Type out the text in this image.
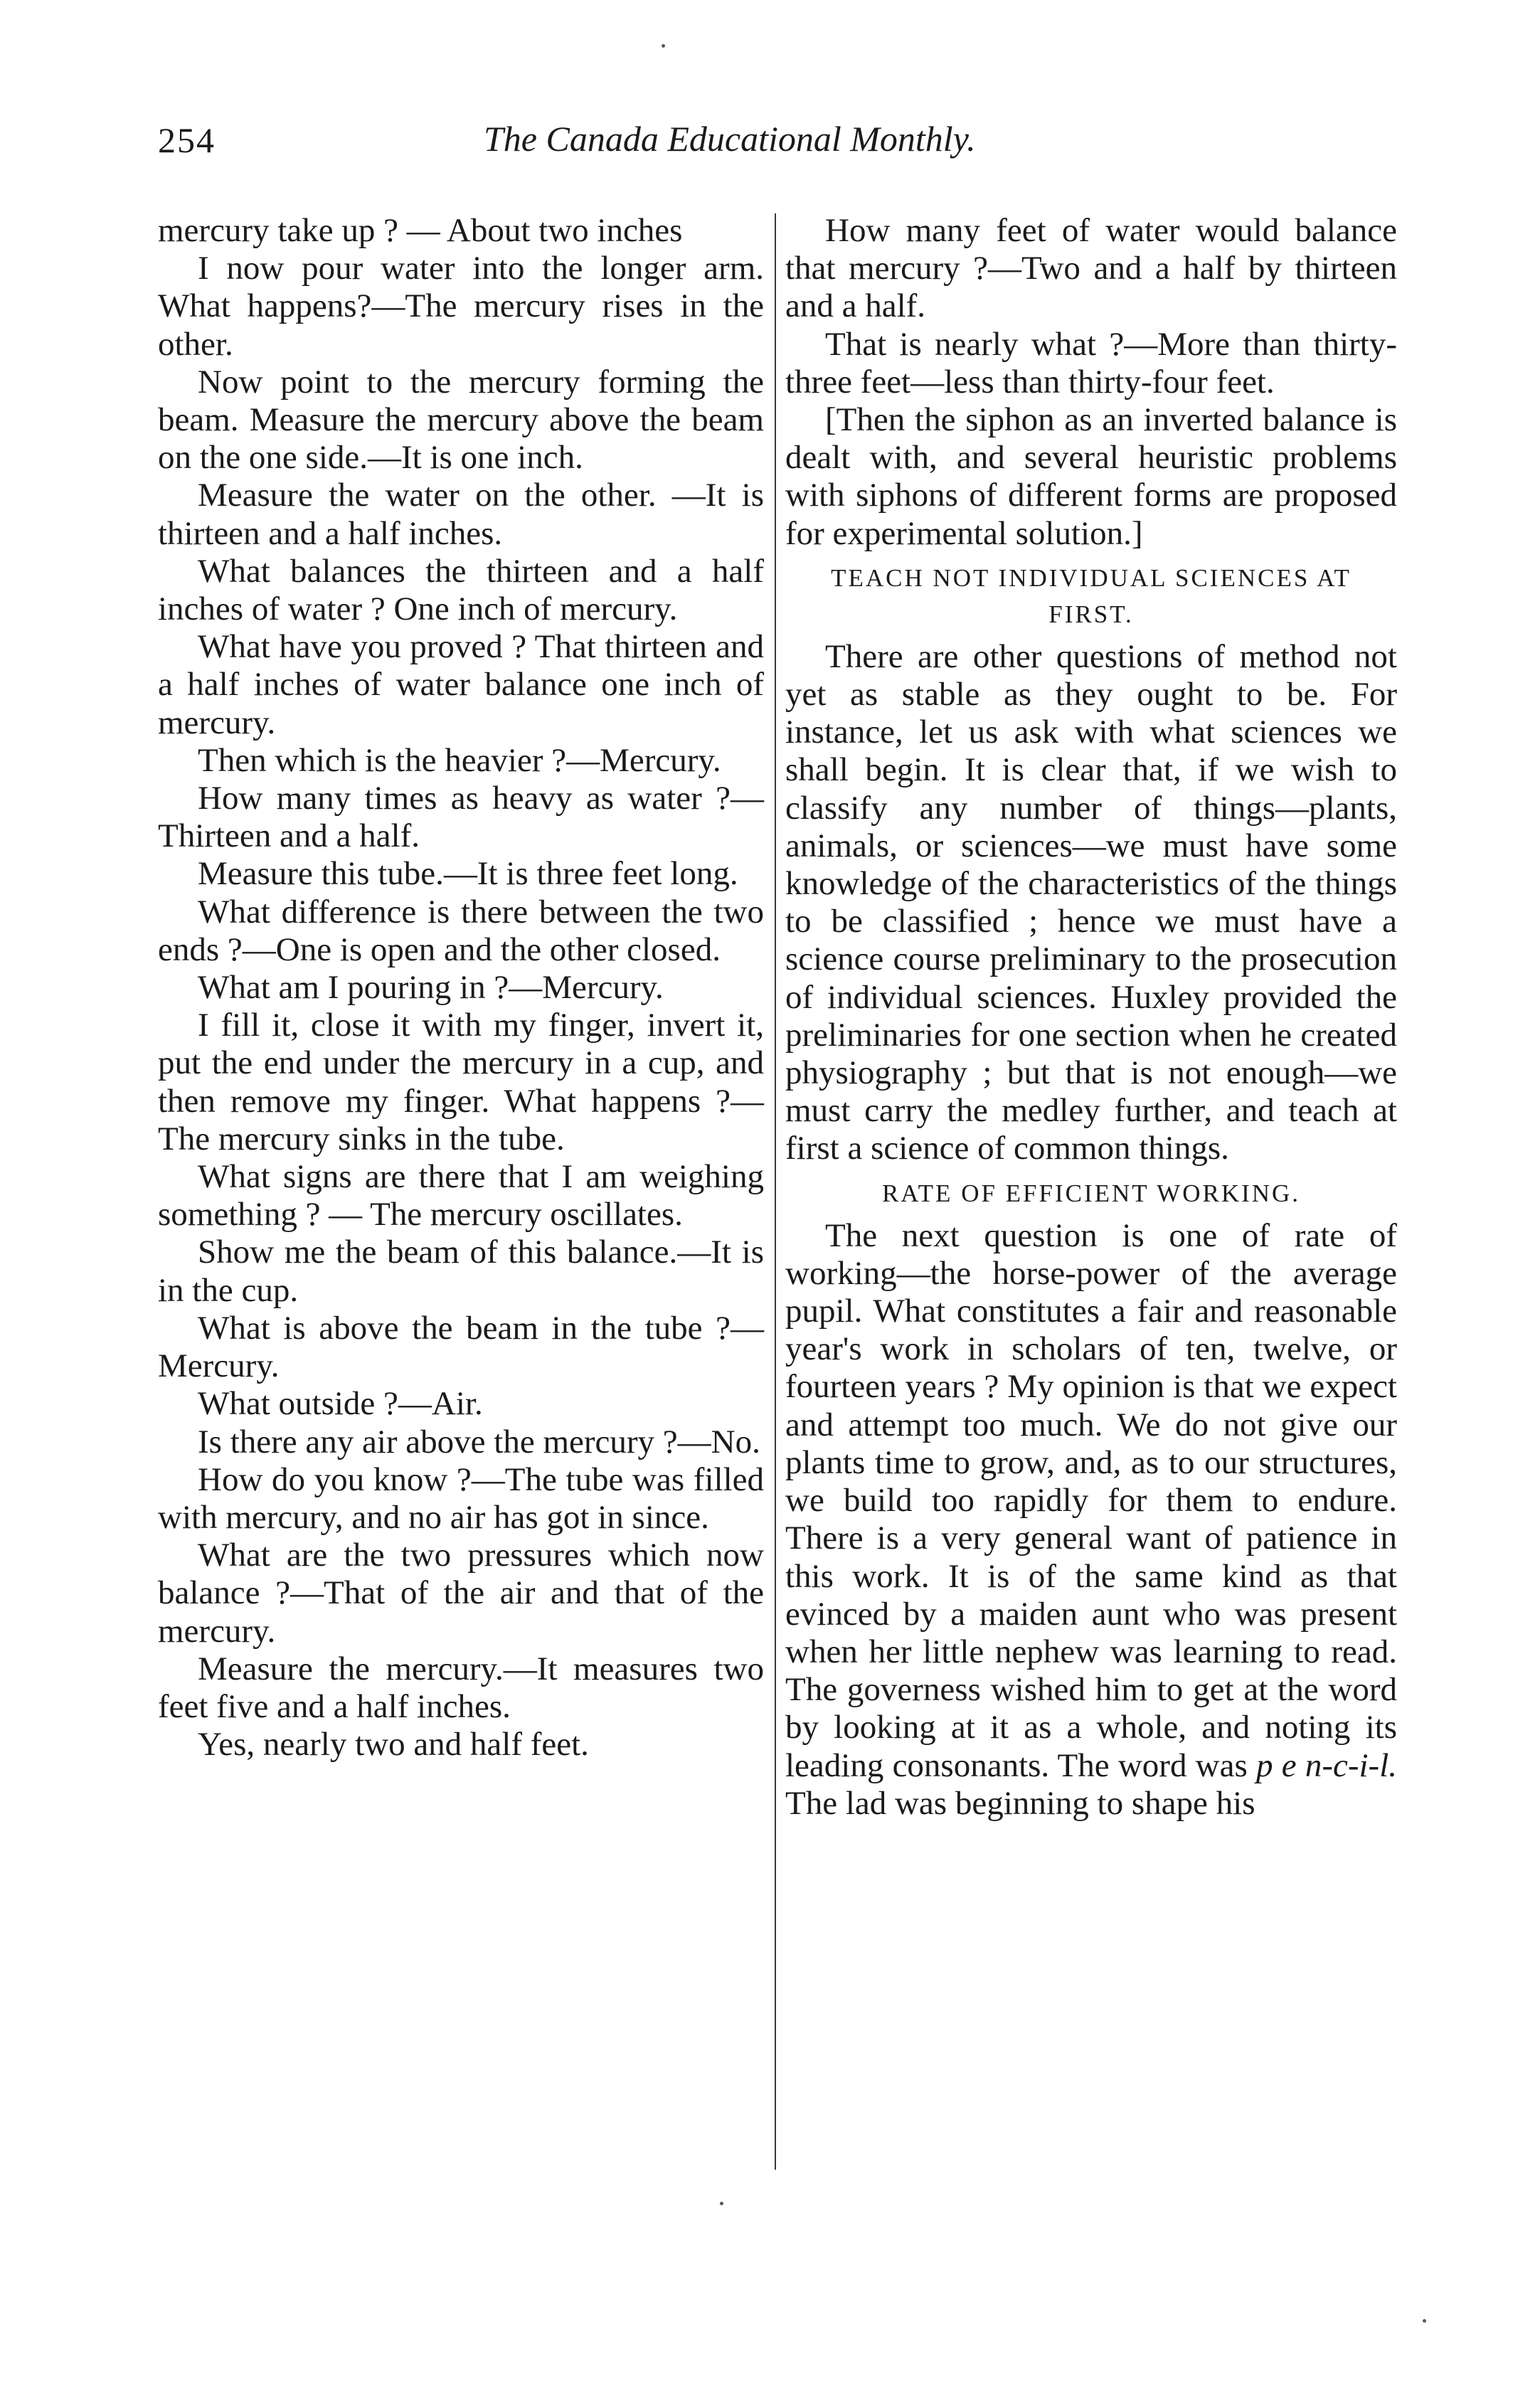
254	The Canada Educational Monthly.

mercury take up ? — About two inches

I now pour water into the longer arm. What happens?—The mercury rises in the other.

Now point to the mercury forming the beam. Measure the mercury above the beam on the one side.—It is one inch.

Measure the water on the other. —It is thirteen and a half inches.

What balances the thirteen and a half inches of water ? One inch of mercury.

What have you proved ? That thirteen and a half inches of water balance one inch of mercury.

Then which is the heavier ?—Mercury.

How many times as heavy as water ?—Thirteen and a half.

Measure this tube.—It is three feet long.

What difference is there between the two ends ?—One is open and the other closed.

What am I pouring in ?—Mercury.

I fill it, close it with my finger, invert it, put the end under the mercury in a cup, and then remove my finger. What happens ?—The mercury sinks in the tube.

What signs are there that I am weighing something ? — The mercury oscillates.

Show me the beam of this balance.—It is in the cup.

What is above the beam in the tube ?—Mercury.

What outside ?—Air.

Is there any air above the mercury ?—No.

How do you know ?—The tube was filled with mercury, and no air has got in since.

What are the two pressures which now balance ?—That of the air and that of the mercury.

Measure the mercury.—It measures two feet five and a half inches.

Yes, nearly two and half feet.

How many feet of water would balance that mercury ?—Two and a half by thirteen and a half.

That is nearly what ?—More than thirty-three feet—less than thirty-four feet.

[Then the siphon as an inverted balance is dealt with, and several heuristic problems with siphons of different forms are proposed for experimental solution.]

TEACH NOT INDIVIDUAL SCIENCES AT FIRST.

There are other questions of method not yet as stable as they ought to be. For instance, let us ask with what sciences we shall begin. It is clear that, if we wish to classify any number of things—plants, animals, or sciences—we must have some knowledge of the characteristics of the things to be classified ; hence we must have a science course preliminary to the prosecution of individual sciences. Huxley provided the preliminaries for one section when he created physiography ; but that is not enough—we must carry the medley further, and teach at first a science of common things.

RATE OF EFFICIENT WORKING.

The next question is one of rate of working—the horse-power of the average pupil. What constitutes a fair and reasonable year's work in scholars of ten, twelve, or fourteen years ? My opinion is that we expect and attempt too much. We do not give our plants time to grow, and, as to our structures, we build too rapidly for them to endure. There is a very general want of patience in this work. It is of the same kind as that evinced by a maiden aunt who was present when her little nephew was learning to read. The governess wished him to get at the word by looking at it as a whole, and noting its leading consonants. The word was p e n-c-i-l. The lad was beginning to shape his
